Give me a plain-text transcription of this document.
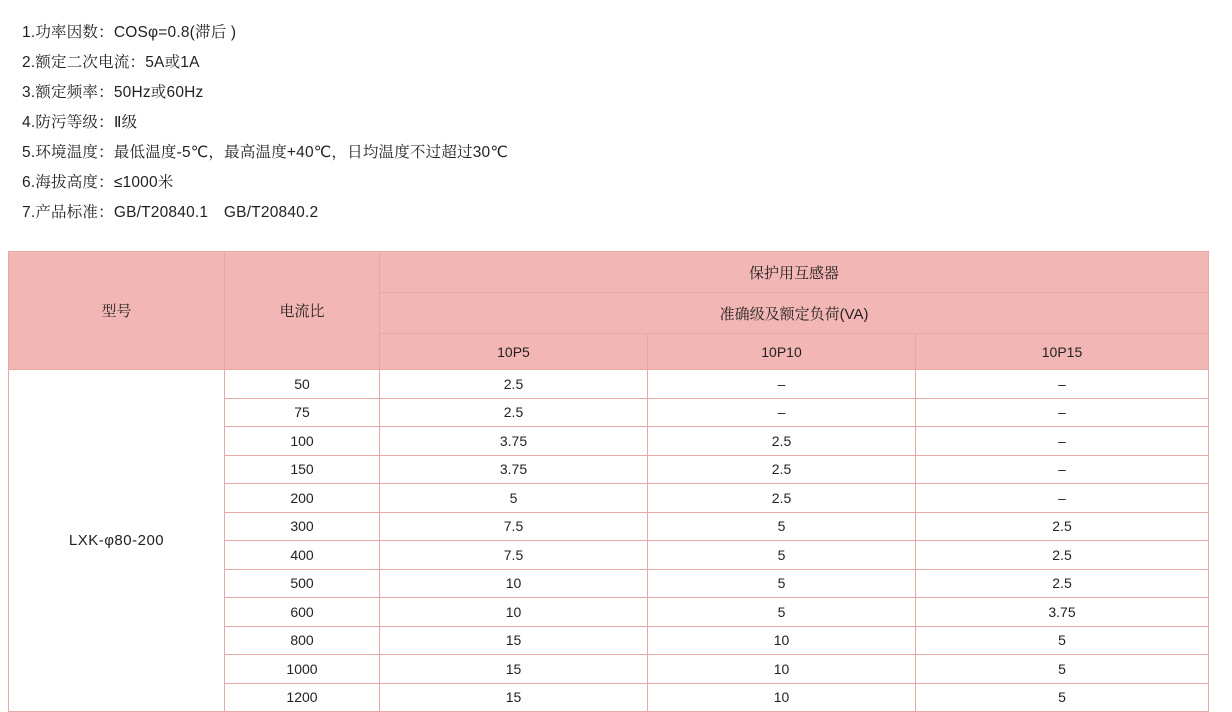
1.功率因数：COSφ=0.8(滞后 )
2.额定二次电流：5A或1A
3.额定频率：50Hz或60Hz
4.防污等级：Ⅱ级
5.环境温度：最低温度-5℃，最高温度+40℃，日均温度不过超过30℃
6.海拔高度：≤1000米
7.产品标准：GB/T20840.1　GB/T20840.2
型号	电流比	保护用互感器		
		准确级及额定负荷(VA)		
		10P5	10P10	10P15
LXK-φ80-200	50	2.5	–	–
	75	2.5	–	–
	100	3.75	2.5	–
	150	3.75	2.5	–
	200	5	2.5	–
	300	7.5	5	2.5
	400	7.5	5	2.5
	500	10	5	2.5
	600	10	5	3.75
	800	15	10	5
	1000	15	10	5
	1200	15	10	5
